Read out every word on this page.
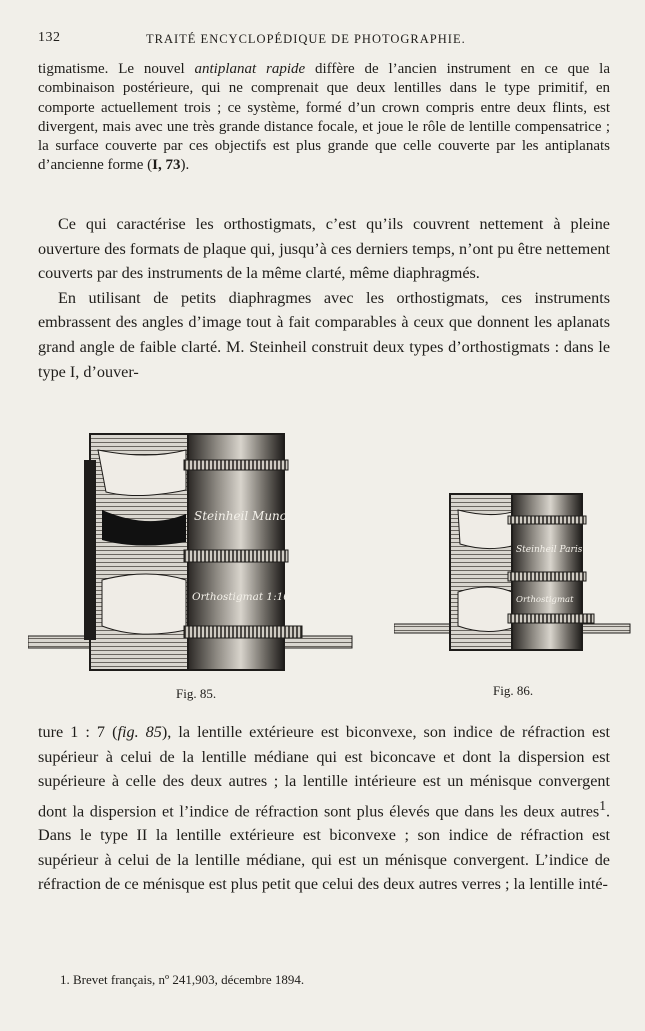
132	TRAITÉ ENCYCLOPÉDIQUE DE PHOTOGRAPHIE.
tigmatisme. Le nouvel antiplanat rapide diffère de l’ancien instrument en ce que la combinaison postérieure, qui ne comprenait que deux lentilles dans le type primitif, en comporte actuellement trois ; ce système, formé d’un crown compris entre deux flints, est divergent, mais avec une très grande distance focale, et joue le rôle de lentille compensatrice ; la surface couverte par ces objectifs est plus grande que celle couverte par les antiplanats d’ancienne forme (I, 73).
Ce qui caractérise les orthostigmats, c’est qu’ils couvrent nettement à pleine ouverture des formats de plaque qui, jusqu’à ces derniers temps, n’ont pu être nettement couverts par des instruments de la même clarté, même diaphragmés.
En utilisant de petits diaphragmes avec les orthostigmats, ces instruments embrassent des angles d’image tout à fait comparables à ceux que donnent les aplanats grand angle de faible clarté. M. Steinheil construit deux types d’orthostigmats : dans le type I, d’ouver-
Steinheil Munc
Orthostigmat 1:10
Fig. 85.
Steinheil Paris
Orthostigmat
Fig. 86.
ture 1 : 7 (fig. 85), la lentille extérieure est biconvexe, son indice de réfraction est supérieur à celui de la lentille médiane qui est biconcave et dont la dispersion est supérieure à celle des deux autres ; la lentille intérieure est un ménisque convergent dont la dispersion et l’indice de réfraction sont plus élevés que dans les deux autres$^1$. Dans le type II la lentille extérieure est biconvexe ; son indice de réfraction est supérieur à celui de la lentille médiane, qui est un ménisque convergent. L’indice de réfraction de ce ménisque est plus petit que celui des deux autres verres ; la lentille inté-
1. Brevet français, nº 241,903, décembre 1894.
